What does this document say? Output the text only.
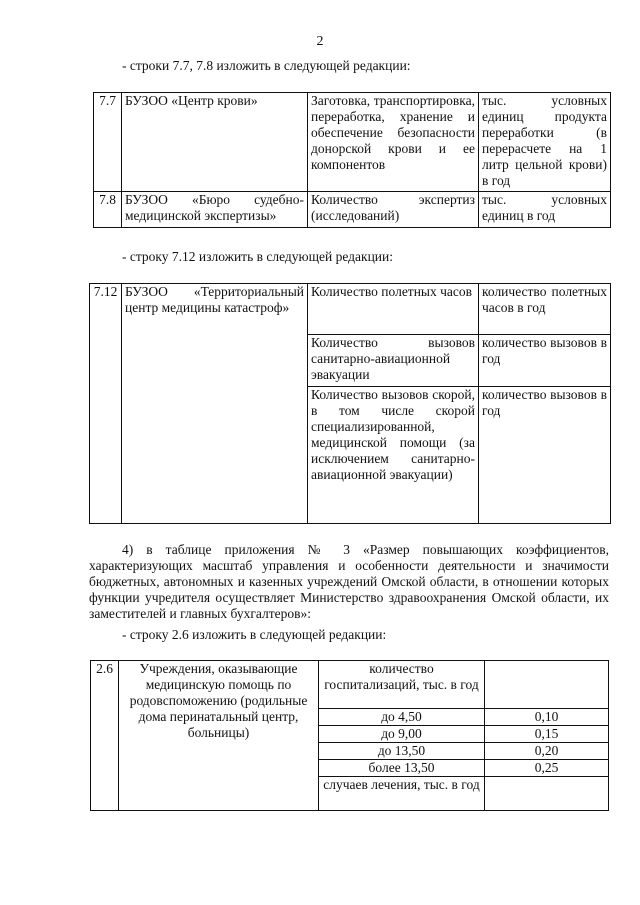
2
- строки 7.7, 7.8 изложить в следующей редакции:
7.7	БУЗОО «Центр крови»	Заготовка, транспортировка, переработка, хранение и обеспечение безопасности донорской крови и ее компонентов	тыс. условных единиц продукта переработки (в перерасчете на 1 литр цельной крови) в год
7.8	БУЗОО «Бюро судебно-медицинской экспертизы»	Количество экспертиз (исследований)	тыс. условных единиц в год
- строку 7.12 изложить в следующей редакции:
7.12	БУЗОО «Территориальный центр медицины катастроф»	Количество полетных часов	количество полетных часов в год
		Количество вызовов санитарно-авиационной эвакуации	количество вызовов в год
		Количество вызовов скорой, в том числе скорой специализированной, медицинской помощи (за исключением санитарно-авиационной эвакуации)	количество вызовов в год
4) в таблице приложения № 3 «Размер повышающих коэффициентов, характеризующих масштаб управления и особенности деятельности и значимости бюджетных, автономных и казенных учреждений Омской области, в отношении которых функции учредителя осуществляет Министерство здравоохранения Омской области, их заместителей и главных бухгалтеров»:
- строку 2.6 изложить в следующей редакции:
2.6	Учреждения, оказывающие медицинскую помощь по родовспоможению (родильные дома перинатальный центр, больницы)	количество госпитализаций, тыс. в год	
		до 4,50	0,10
		до 9,00	0,15
		до 13,50	0,20
		более 13,50	0,25
		случаев лечения, тыс. в год	
